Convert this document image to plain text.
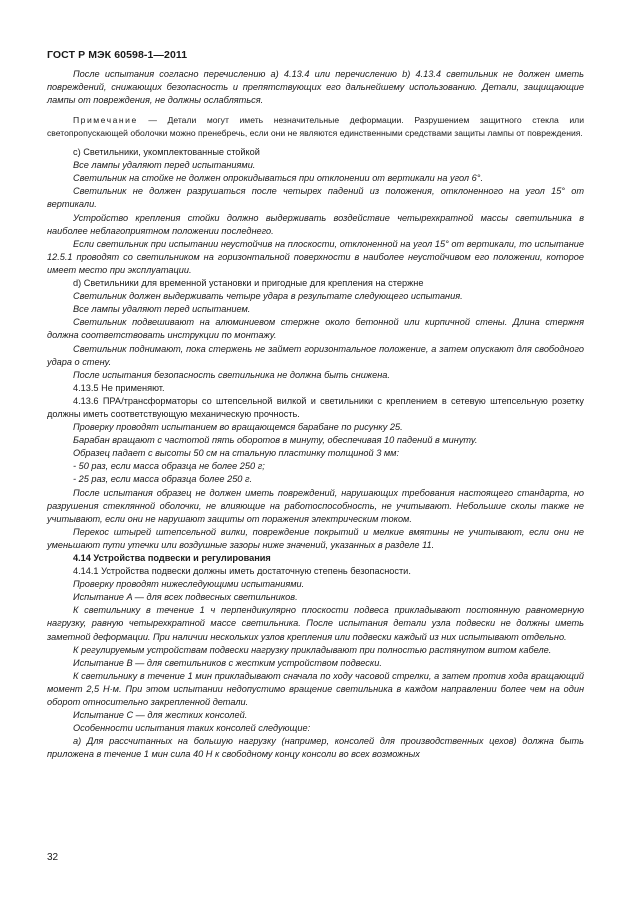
ГОСТ Р МЭК 60598-1—2011

После испытания согласно перечислению a) 4.13.4 или перечислению b) 4.13.4 светильник не должен иметь повреждений, снижающих безопасность и препятствующих его дальнейшему использованию. Детали, защищающие лампы от повреждения, не должны ослабляться.

Примечание — Детали могут иметь незначительные деформации. Разрушением защитного стекла или светопропускающей оболочки можно пренебречь, если они не являются единственными средствами защиты лампы от повреждения.

c) Светильники, укомплектованные стойкой

Все лампы удаляют перед испытаниями.

Светильник на стойке не должен опрокидываться при отклонении от вертикали на угол 6°.

Светильник не должен разрушаться после четырех падений из положения, отклоненного на угол 15° от вертикали.

Устройство крепления стойки должно выдерживать воздействие четырехкратной массы светильника в наиболее неблагоприятном положении последнего.

Если светильник при испытании неустойчив на плоскости, отклоненной на угол 15° от вертикали, то испытание 12.5.1 проводят со светильником на горизонтальной поверхности в наиболее неустойчивом его положении, которое имеет место при эксплуатации.

d) Светильники для временной установки и пригодные для крепления на стержне

Светильник должен выдерживать четыре удара в результате следующего испытания.

Все лампы удаляют перед испытанием.

Светильник подвешивают на алюминиевом стержне около бетонной или кирпичной стены. Длина стержня должна соответствовать инструкции по монтажу.

Светильник поднимают, пока стержень не займет горизонтальное положение, а затем опускают для свободного удара о стену.

После испытания безопасность светильника не должна быть снижена.

4.13.5 Не применяют.

4.13.6 ПРА/трансформаторы со штепсельной вилкой и светильники с креплением в сетевую штепсельную розетку должны иметь соответствующую механическую прочность.

Проверку проводят испытанием во вращающемся барабане по рисунку 25.

Барабан вращают с частотой пять оборотов в минуту, обеспечивая 10 падений в минуту.

Образец падает с высоты 50 см на стальную пластинку толщиной 3 мм:

- 50 раз, если масса образца не более 250 г;

- 25 раз, если масса образца более 250 г.

После испытания образец не должен иметь повреждений, нарушающих требования настоящего стандарта, но разрушения стеклянной оболочки, не влияющие на работоспособность, не учитывают. Небольшие сколы также не учитывают, если они не нарушают защиты от поражения электрическим током.

Перекос штырей штепсельной вилки, повреждение покрытий и мелкие вмятины не учитывают, если они не уменьшают пути утечки или воздушные зазоры ниже значений, указанных в разделе 11.

4.14 Устройства подвески и регулирования

4.14.1 Устройства подвески должны иметь достаточную степень безопасности.

Проверку проводят нижеследующими испытаниями.

Испытание A — для всех подвесных светильников.

К светильнику в течение 1 ч перпендикулярно плоскости подвеса прикладывают постоянную равномерную нагрузку, равную четырехкратной массе светильника. После испытания детали узла подвески не должны иметь заметной деформации. При наличии нескольких узлов крепления или подвески каждый из них испытывают отдельно.

К регулируемым устройствам подвески нагрузку прикладывают при полностью растянутом витом кабеле.

Испытание B — для светильников с жестким устройством подвески.

К светильнику в течение 1 мин прикладывают сначала по ходу часовой стрелки, а затем против хода вращающий момент 2,5 Н·м. При этом испытании недопустимо вращение светильника в каждом направлении более чем на один оборот относительно закрепленной детали.

Испытание C — для жестких консолей.

Особенности испытания таких консолей следующие:

a) Для рассчитанных на большую нагрузку (например, консолей для производственных цехов) должна быть приложена в течение 1 мин сила 40 Н к свободному концу консоли во всех возможных

32
